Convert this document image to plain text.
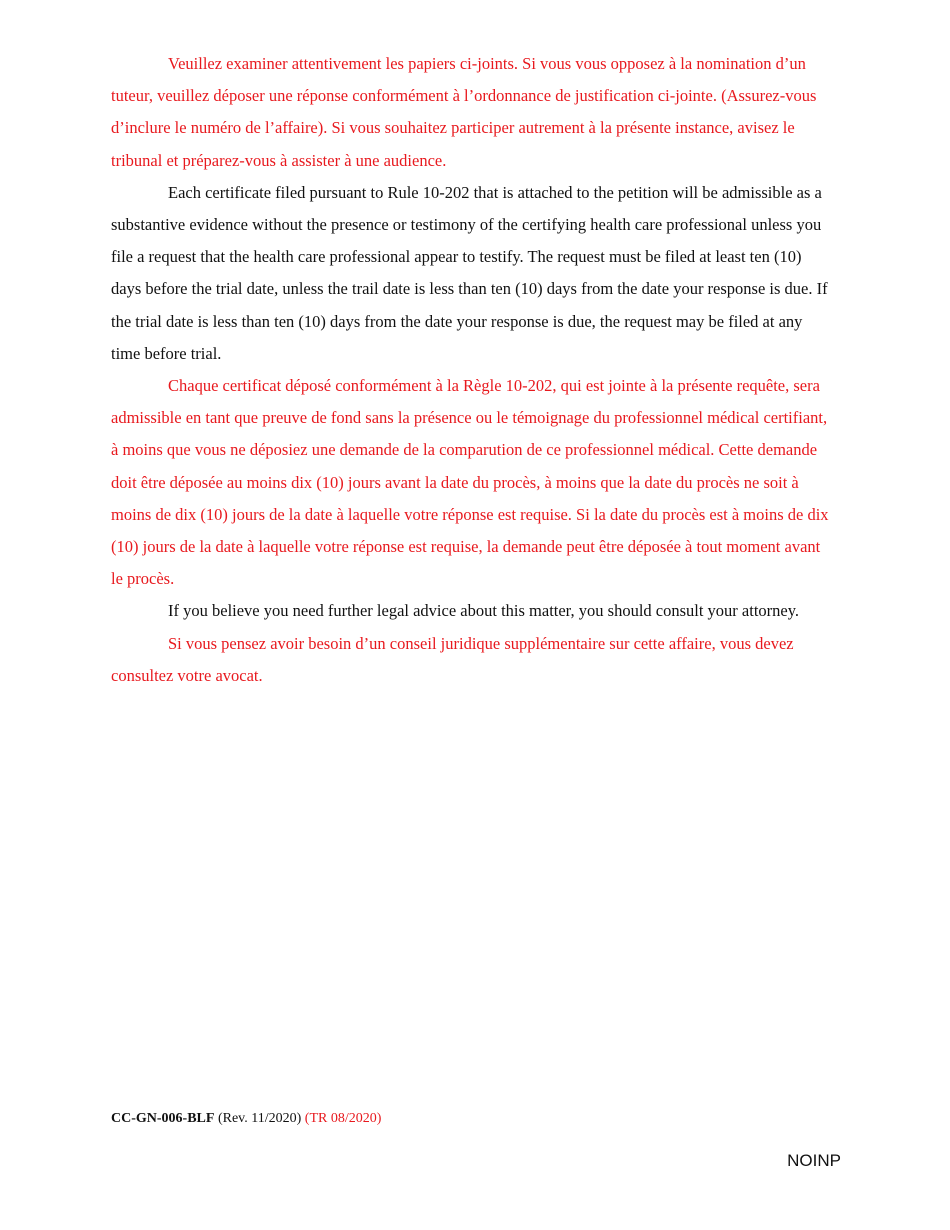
Veuillez examiner attentivement les papiers ci-joints. Si vous vous opposez à la nomination d’un tuteur, veuillez déposer une réponse conformément à l’ordonnance de justification ci-jointe. (Assurez-vous d’inclure le numéro de l’affaire). Si vous souhaitez participer autrement à la présente instance, avisez le tribunal et préparez-vous à assister à une audience.

Each certificate filed pursuant to Rule 10-202 that is attached to the petition will be admissible as a substantive evidence without the presence or testimony of the certifying health care professional unless you file a request that the health care professional appear to testify. The request must be filed at least ten (10) days before the trial date, unless the trail date is less than ten (10) days from the date your response is due. If the trial date is less than ten (10) days from the date your response is due, the request may be filed at any time before trial.

Chaque certificat déposé conformément à la Règle 10-202, qui est jointe à la présente requête, sera admissible en tant que preuve de fond sans la présence ou le témoignage du professionnel médical certifiant, à moins que vous ne déposiez une demande de la comparution de ce professionnel médical. Cette demande doit être déposée au moins dix (10) jours avant la date du procès, à moins que la date du procès ne soit à moins de dix (10) jours de la date à laquelle votre réponse est requise. Si la date du procès est à moins de dix (10) jours de la date à laquelle votre réponse est requise, la demande peut être déposée à tout moment avant le procès.

If you believe you need further legal advice about this matter, you should consult your attorney.

Si vous pensez avoir besoin d’un conseil juridique supplémentaire sur cette affaire, vous devez consultez votre avocat.

CC-GN-006-BLF (Rev. 11/2020) (TR 08/2020)
NOINP
